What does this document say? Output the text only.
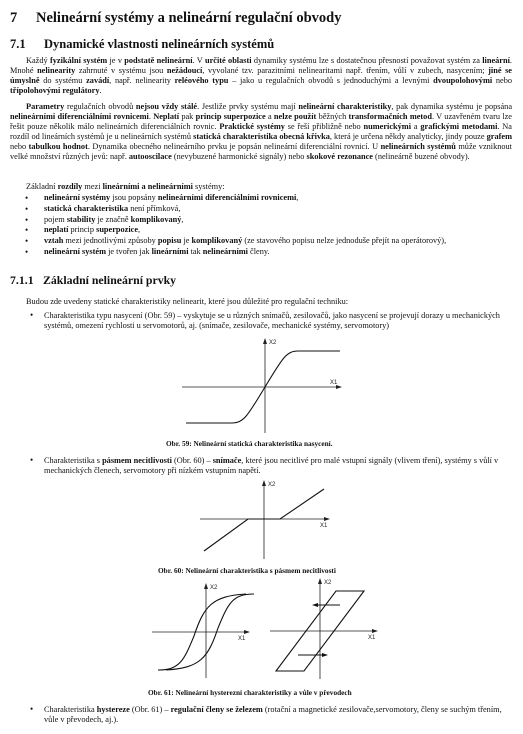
7 Nelineární systémy a nelineární regulační obvody
7.1 Dynamické vlastnosti nelineárních systémů

Každý fyzikální systém je v podstatě nelineární. V určité oblasti dynamiky systému lze s dostatečnou přesností považovat systém za lineární. Mnohé nelinearity zahrnuté v systému jsou nežádoucí, vyvolané tzv. parazitními nelinearitami např. třením, vůlí v zubech, nasycením; jiné se úmyslně do systému zavádí, např. nelinearity reléového typu – jako u regulačních obvodů s jednoduchými a levnými dvoupolohovými nebo třípolohovými regulátory.

Parametry regulačních obvodů nejsou vždy stálé. Jestliže prvky systému mají nelineární charakteristiky, pak dynamika systému je popsána nelineárními diferenciálními rovnicemi. Neplatí pak princip superpozice a nelze použít běžných transformačních metod. V uzavřeném tvaru lze řešit pouze několik málo nelineárních diferenciálních rovnic. Praktické systémy se řeší přibližně nebo numerickými a grafickými metodami. Na rozdíl od lineárních systémů je u nelineárních systémů statická charakteristika obecná křivka, která je určena někdy analyticky, jindy pouze grafem nebo tabulkou hodnot. Dynamika obecného nelineárního prvku je popsán nelineární diferenciální rovnicí. U nelineárních systémů může vzniknout velké množství různých jevů: např. autooscilace (nevybuzené harmonické signály) nebo skokové rezonance (nelineárně buzené obvody).

Základní rozdíly mezi lineárními a nelineárními systémy:

• nelineární systémy jsou popsány nelineárními diferenciálními rovnicemi,
• statická charakteristika není přímková,
• pojem stability je značně komplikovaný,
• neplatí princip superpozice,
• vztah mezi jednotlivými způsoby popisu je komplikovaný (ze stavového popisu nelze jednoduše přejít na operátorový),
• nelineární systém je tvořen jak lineárními tak nelineárními členy.
7.1.1 Základní nelineární prvky

Budou zde uvedeny statické charakteristiky nelinearit, které jsou důležité pro regulační techniku:

• Charakteristika typu nasycení (Obr. 59) – vyskytuje se u různých snímačů, zesilovačů, jako nasycení se projevují dorazy u mechanických systémů, omezení rychlosti u servomotorů, aj. (snímače, zesilovače, mechanické systémy, servomotory)

X2
X1
Obr. 59: Nelineární statická charakteristika nasycení.

• Charakteristika s pásmem necitlivosti (Obr. 60) – snímače, které jsou necitlivé pro malé vstupní signály (vlivem tření), systémy s vůlí v mechanických členech, servomotory při nízkém vstupním napětí.

X2
X1
Obr. 60: Nelineární charakteristika s pásmem necitlivosti
X2
X1
X2
X1
Obr. 61: Nelineární hysterezní charakteristiky a vůle v převodech

• Charakteristika hystereze (Obr. 61) – regulační členy se železem (rotační a magnetické zesilovače,servomotory, členy se suchým třením, vůle v převodech, aj.).
